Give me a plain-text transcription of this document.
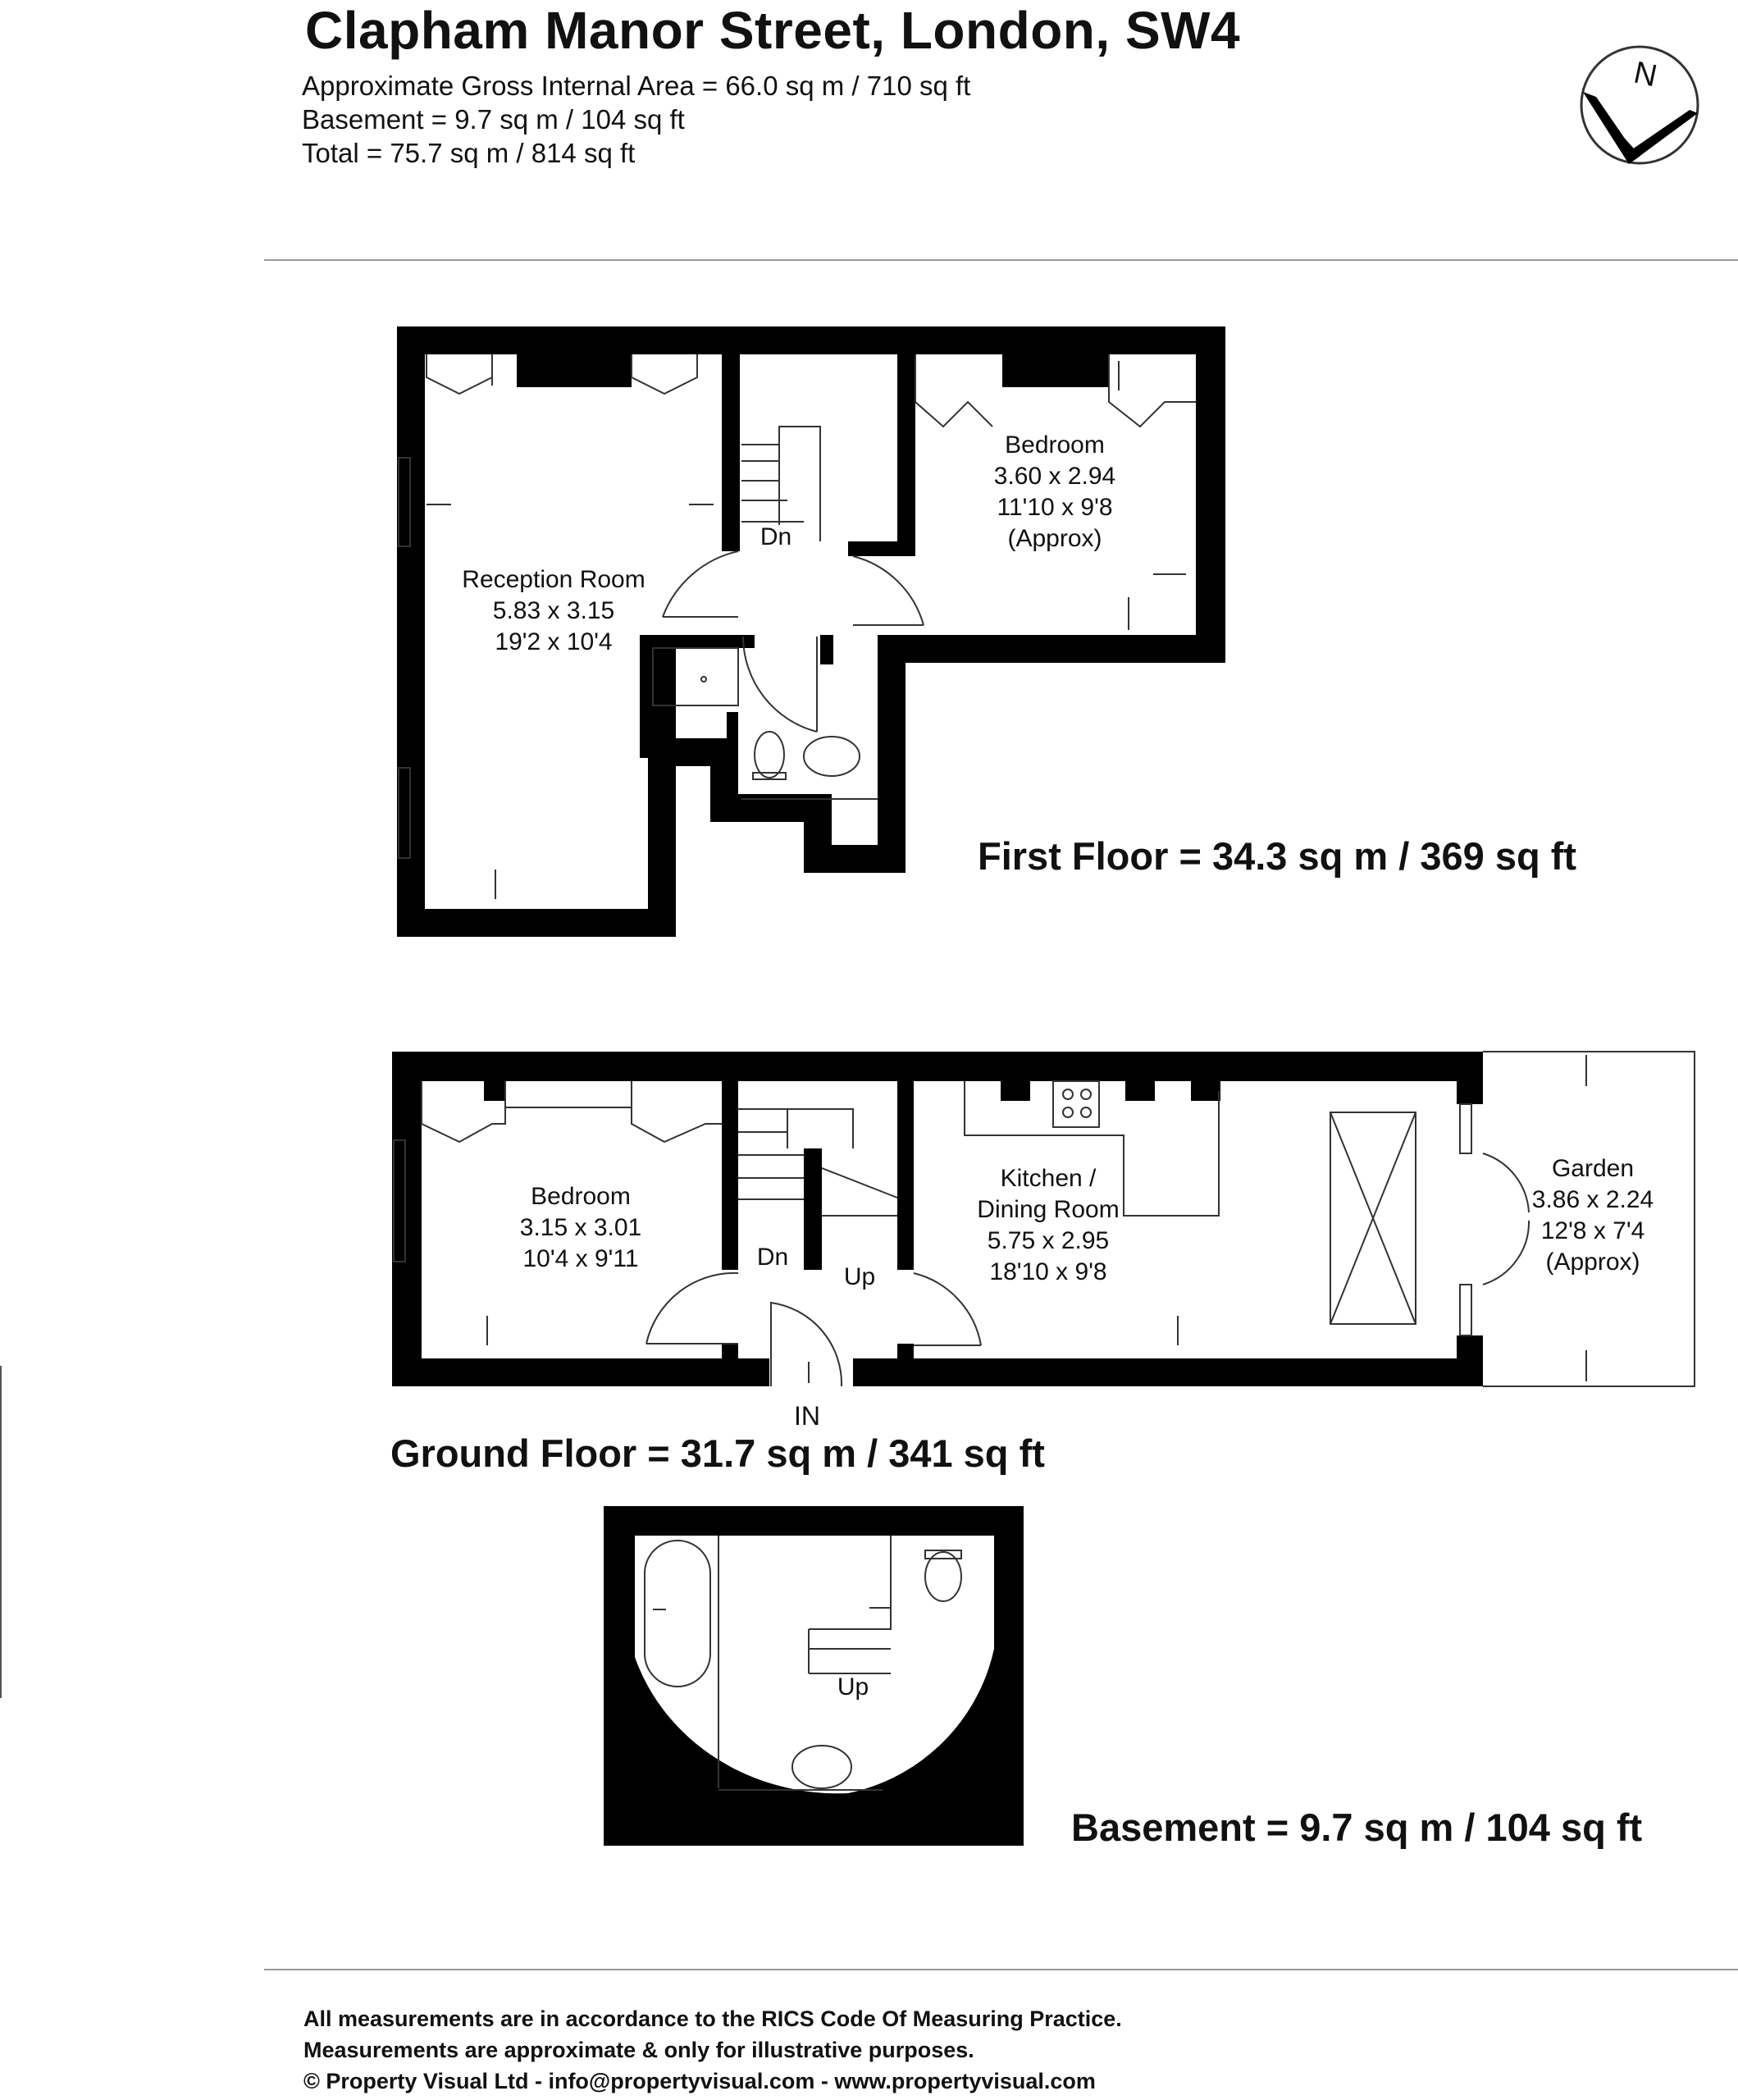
Clapham Manor Street, London, SW4
Approximate Gross Internal Area = 66.0 sq m / 710 sq ft
Basement = 9.7 sq m / 104 sq ft
Total = 75.7 sq m / 814 sq ft
Reception Room
5.83 x 3.15
19'2 x 10'4
Bedroom
3.60 x 2.94
11'10 x 9'8
(Approx)
Dn
First Floor = 34.3 sq m / 369 sq ft
Bedroom
3.15 x 3.01
10'4 x 9'11
Kitchen /
Dining Room
5.75 x 2.95
18'10 x 9'8
Garden
3.86 x 2.24
12'8 x 7'4
(Approx)
Dn
Up
IN
Ground Floor = 31.7 sq m / 341 sq ft
Up
Basement = 9.7 sq m / 104 sq ft
All measurements are in accordance to the RICS Code Of Measuring Practice.
Measurements are approximate & only for illustrative purposes.
© Property Visual Ltd - info@propertyvisual.com - www.propertyvisual.com
N
